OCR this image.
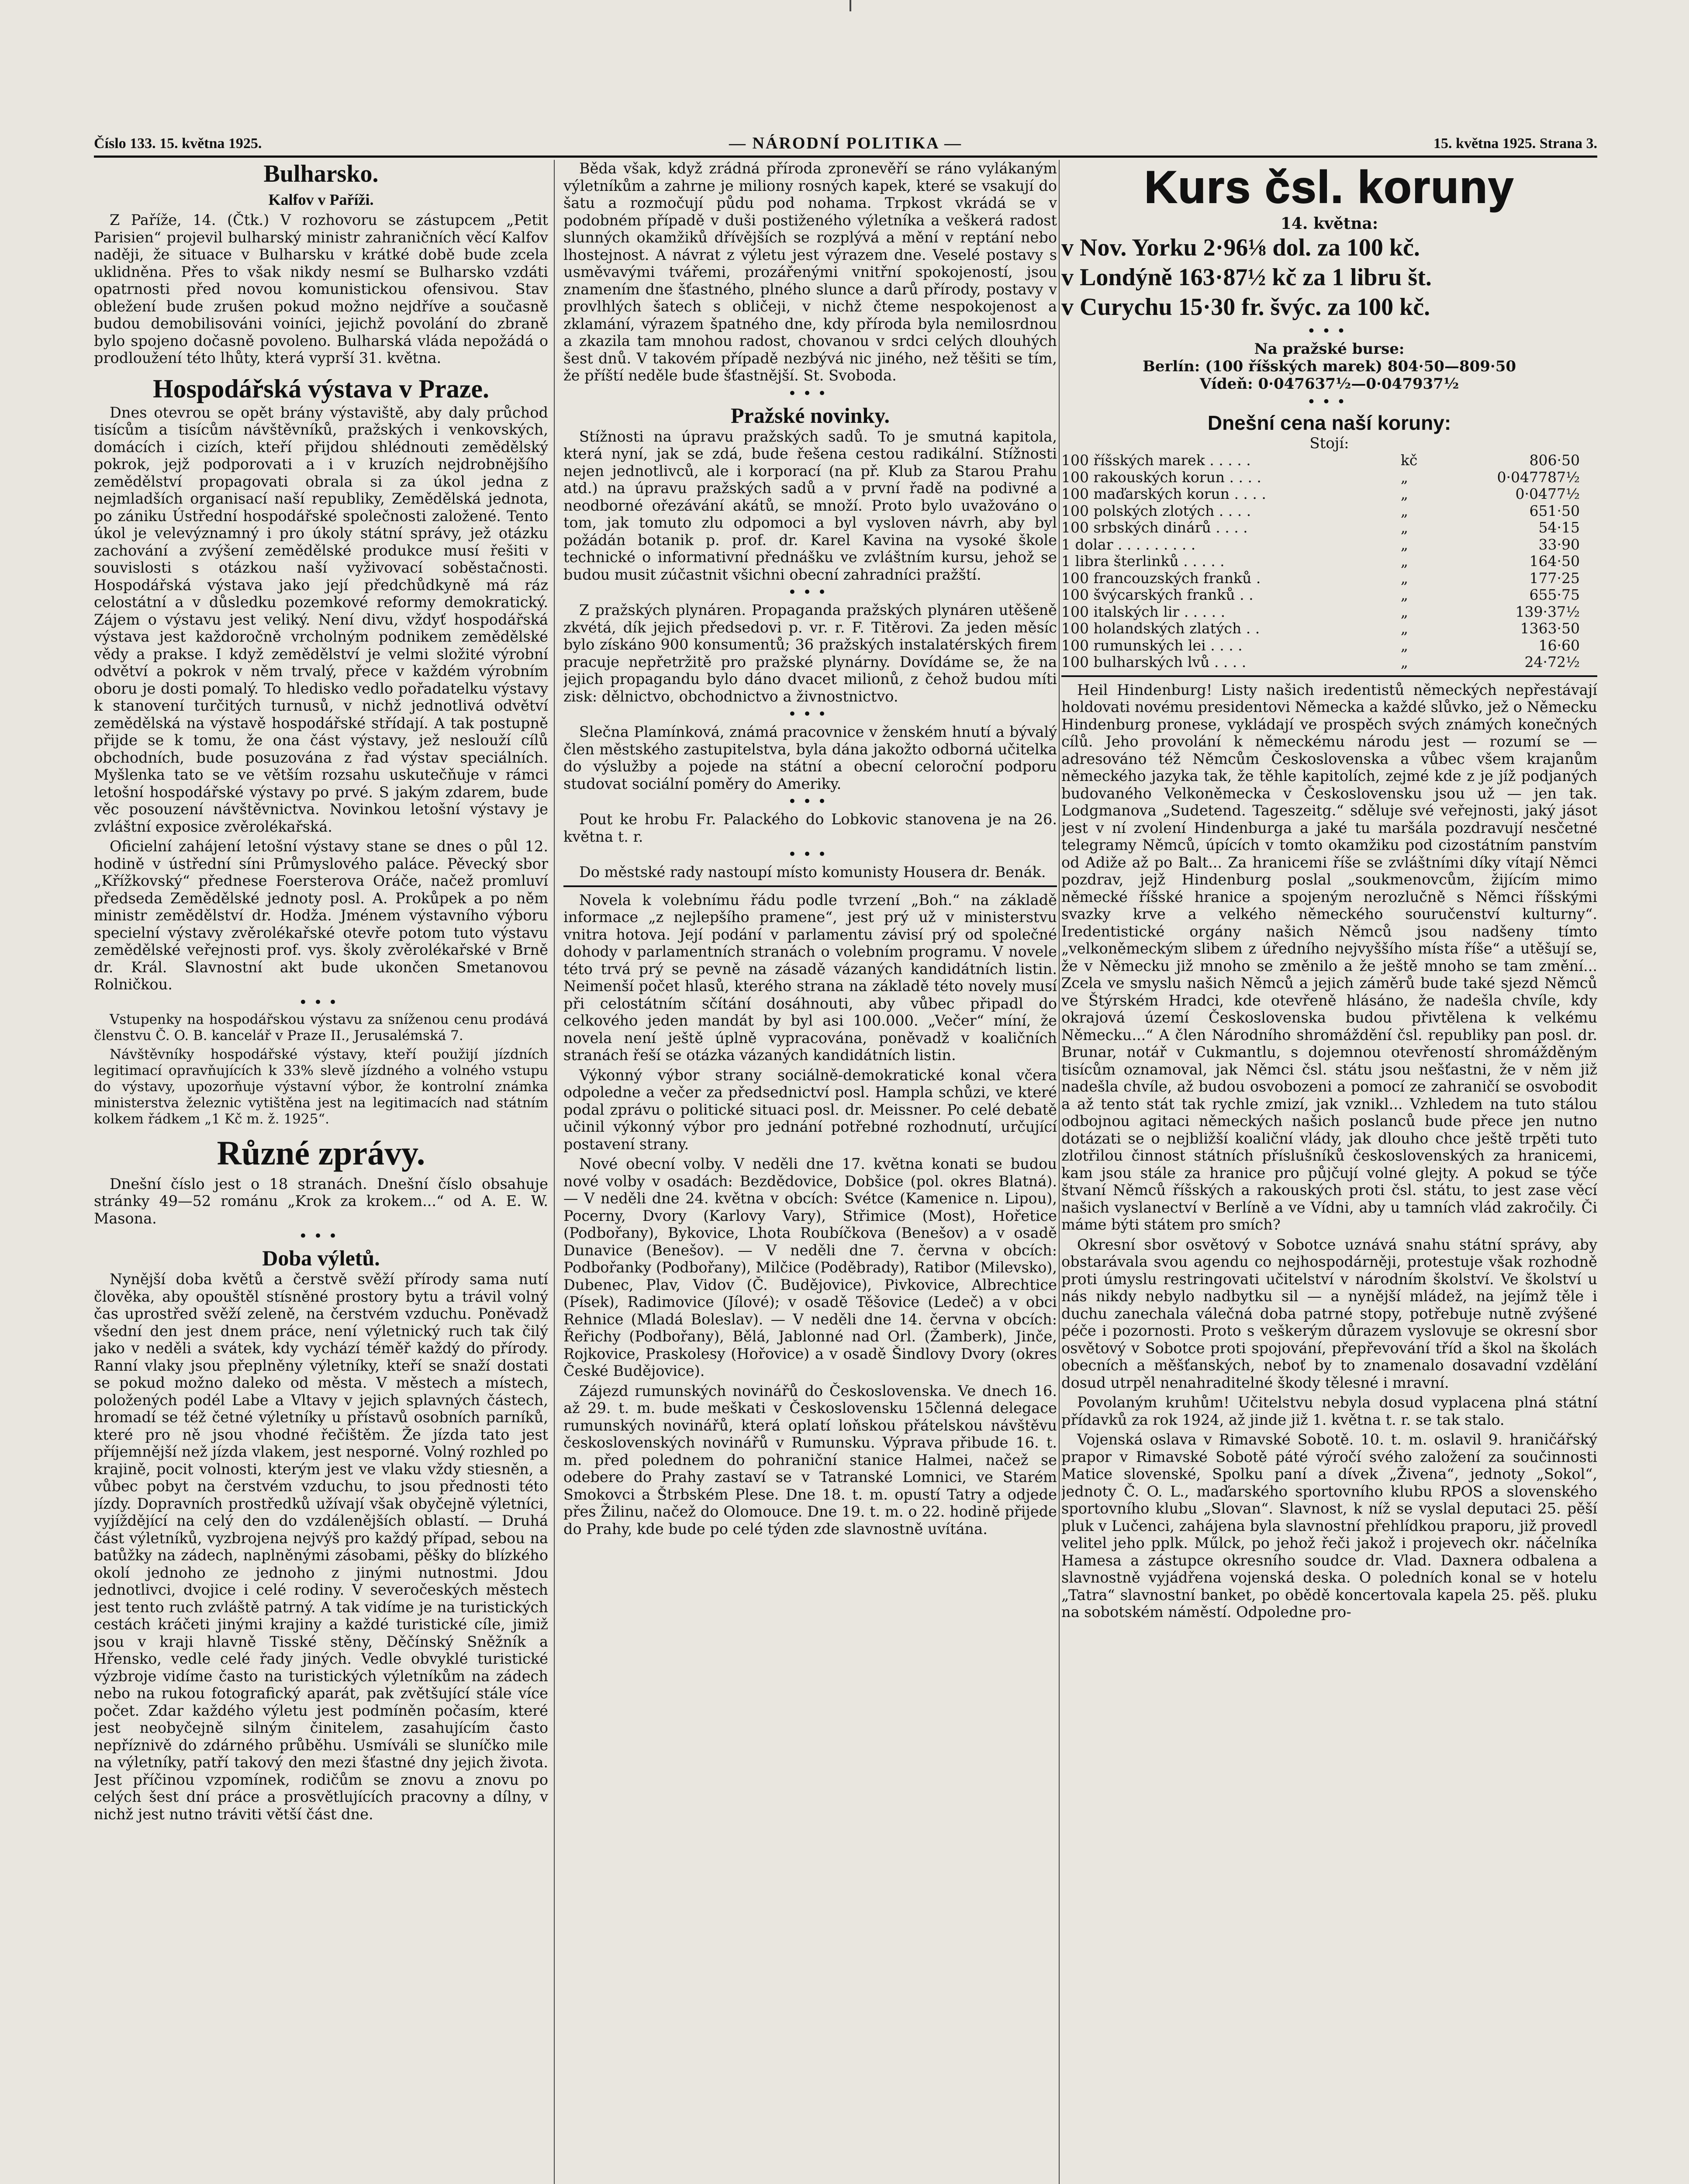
Číslo 133. 15. května 1925.	— NÁRODNÍ POLITIKA —	15. května 1925. Strana 3.
Bulharsko.
Kalfov v Paříži.

Z Paříže, 14. (Čtk.) V rozhovoru se zástupcem „Petit Parisien“ projevil bulharský ministr zahraničních věcí Kalfov naději, že situace v Bulharsku v krátké době bude zcela uklidněna. Přes to však nikdy nesmí se Bulharsko vzdáti opatrnosti před novou komunistickou ofensivou. Stav obležení bude zrušen pokud možno nejdříve a současně budou demobilisováni voiníci, jejichž povolání do zbraně bylo spojeno dočasně povoleno. Bulharská vláda nepožádá o prodloužení této lhůty, která vyprší 31. května.

Hospodářská výstava v Praze.

Dnes otevrou se opět brány výstaviště, aby daly průchod tisícům a tisícům návštěvníků, pražských i venkovských, domácích i cizích, kteří přijdou shlédnouti zemědělský pokrok, jejž podporovati a i v kruzích nejdrobnějšího zemědělství propagovati obrala si za úkol jedna z nejmladších organisací naší republiky, Zemědělská jednota, po zániku Ústřední hospodářské společnosti založené. Tento úkol je velevýznamný i pro úkoly státní správy, jež otázku zachování a zvýšení zemědělské produkce musí řešiti v souvislosti s otázkou naší vyživovací soběstačnosti. Hospodářská výstava jako její předchůdkyně má ráz celostátní a v důsledku pozemkové reformy demokratický. Zájem o výstavu jest veliký. Není divu, vždyť hospodářská výstava jest každoročně vrcholným podnikem zemědělské vědy a prakse. I když zemědělství je velmi složité výrobní odvětví a pokrok v něm trvalý, přece v každém výrobním oboru je dosti pomalý. To hledisko vedlo pořadatelku výstavy k stanovení turčitých turnusů, v nichž jednotlivá odvětví zemědělská na výstavě hospodářské střídají. A tak postupně přijde se k tomu, že ona část výstavy, jež neslouží cílů obchodních, bude posuzována z řad výstav speciálních. Myšlenka tato se ve větším rozsahu uskutečňuje v rámci letošní hospodářské výstavy po prvé. S jakým zdarem, bude věc posouzení návštěvnictva. Novinkou letošní výstavy je zvláštní exposice zvěrolékařská.

Oficielní zahájení letošní výstavy stane se dnes o půl 12. hodině v ústřední síni Průmyslového paláce. Pěvecký sbor „Křížkovský“ přednese Foersterova Oráče, načež promluví předseda Zemědělské jednoty posl. A. Prokůpek a po něm ministr zemědělství dr. Hodža. Jménem výstavního výboru specielní výstavy zvěrolékařské otevře potom tuto výstavu zemědělské veřejnosti prof. vys. školy zvěrolékařské v Brně dr. Král. Slavnostní akt bude ukončen Smetanovou Rolničkou.

•••

Vstupenky na hospodářskou výstavu za sníženou cenu prodává členstvu Č. O. B. kancelář v Praze II., Jerusalémská 7.

Návštěvníky hospodářské výstavy, kteří použijí jízdních legitimací opravňujících k 33% slevě jízdného a volného vstupu do výstavy, upozorňuje výstavní výbor, že kontrolní známka ministerstva železnic vytištěna jest na legitimacích nad státním kolkem řádkem „1 Kč m. ž. 1925“.

Různé zprávy.

Dnešní číslo jest o 18 stranách. Dnešní číslo obsahuje stránky 49—52 románu „Krok za krokem...“ od A. E. W. Masona.

•••
Doba výletů.

Nynější doba květů a čerstvě svěží přírody sama nutí člověka, aby opouštěl stísněné prostory bytu a trávil volný čas uprostřed svěží zeleně, na čerstvém vzduchu. Poněvadž všední den jest dnem práce, není výletnický ruch tak čilý jako v neděli a svátek, kdy vychází téměř každý do přírody. Ranní vlaky jsou přeplněny výletníky, kteří se snaží dostati se pokud možno daleko od města. V městech a místech, položených podél Labe a Vltavy v jejich splavných částech, hromadí se též četné výletníky u přístavů osobních parníků, které pro ně jsou vhodné řečištěm. Že jízda tato jest příjemnější než jízda vlakem, jest nesporné. Volný rozhled po krajině, pocit volnosti, kterým jest ve vlaku vždy stiesněn, a vůbec pobyt na čerstvém vzduchu, to jsou přednosti této jízdy. Dopravních prostředků užívají však obyčejně výletníci, vyjíždějící na celý den do vzdálenějších oblastí. — Druhá část výletníků, vyzbrojena nejvýš pro každý případ, sebou na batůžky na zádech, naplněnými zásobami, pěšky do blízkého okolí jednoho ze jednoho z jinými nutnostmi. Jdou jednotlivci, dvojice i celé rodiny. V severočeských městech jest tento ruch zvláště patrný. A tak vidíme je na turistických cestách kráčeti jinými krajiny a každé turistické cíle, jimiž jsou v kraji hlavně Tisské stěny, Děčínský Sněžník a Hřensko, vedle celé řady jiných. Vedle obvyklé turistické výzbroje vidíme často na turistických výletníkům na zádech nebo na rukou fotografický aparát, pak zvětšující stále více počet. Zdar každého výletu jest podmíněn počasím, které jest neobyčejně silným činitelem, zasahujícím často nepříznivě do zdárného průběhu. Usmíváli se sluníčko mile na výletníky, patří takový den mezi šťastné dny jejich života. Jest příčinou vzpomínek, rodičům se znovu a znovu po celých šest dní práce a prosvětlujících pracovny a dílny, v nichž jest nutno tráviti větší část dne.

Běda však, když zrádná příroda zpronevěří se ráno vylákaným výletníkům a zahrne je miliony rosných kapek, které se vsakují do šatu a rozmočují půdu pod nohama. Trpkost vkrádá se v podobném případě v duši postiženého výletníka a veškerá radost slunných okamžiků dřívějších se rozplývá a mění v reptání nebo lhostejnost. A návrat z výletu jest výrazem dne. Veselé postavy s usměvavými tvářemi, prozářenými vnitřní spokojeností, jsou znamením dne šťastného, plného slunce a darů přírody, postavy v provlhlých šatech s obličeji, v nichž čteme nespokojenost a zklamání, výrazem špatného dne, kdy příroda byla nemilosrdnou a zkazila tam mnohou radost, chovanou v srdci celých dlouhých šest dnů. V takovém případě nezbývá nic jiného, než těšiti se tím, že příští neděle bude šťastnější. St. Svoboda.

•••
Pražské novinky.

Stížnosti na úpravu pražských sadů. To je smutná kapitola, která nyní, jak se zdá, bude řešena cestou radikální. Stížnosti nejen jednotlivců, ale i korporací (na př. Klub za Starou Prahu atd.) na úpravu pražských sadů a v první řadě na podivné a neodborné ořezávání akátů, se množí. Proto bylo uvažováno o tom, jak tomuto zlu odpomoci a byl vysloven návrh, aby byl požádán botanik p. prof. dr. Karel Kavina na vysoké škole technické o informativní přednášku ve zvláštním kursu, jehož se budou musit zúčastnit všichni obecní zahradníci pražští.

•••

Z pražských plynáren. Propaganda pražských plynáren utěšeně zkvétá, dík jejich předsedovi p. vr. r. F. Titěrovi. Za jeden měsíc bylo získáno 900 konsumentů; 36 pražských instalatérských firem pracuje nepřetržitě pro pražské plynárny. Dovídáme se, že na jejich propagandu bylo dáno dvacet milionů, z čehož budou míti zisk: dělnictvo, obchodnictvo a živnostnictvo.

•••

Slečna Plamínková, známá pracovnice v ženském hnutí a bývalý člen městského zastupitelstva, byla dána jakožto odborná učitelka do výslužby a pojede na státní a obecní celoroční podporu studovat sociální poměry do Ameriky.

•••

Pout ke hrobu Fr. Palackého do Lobkovic stanovena je na 26. května t. r.

•••

Do městské rady nastoupí místo komunisty Housera dr. Benák.

Novela k volebnímu řádu podle tvrzení „Boh.“ na základě informace „z nejlepšího pramene“, jest prý už v ministerstvu vnitra hotova. Její podání v parlamentu závisí prý od společné dohody v parlamentních stranách o volebním programu. V novele této trvá prý se pevně na zásadě vázaných kandidátních listin. Neimenší počet hlasů, kterého strana na základě této novely musí při celostátním sčítání dosáhnouti, aby vůbec připadl do celkového jeden mandát by byl asi 100.000. „Večer“ míní, že novela není ještě úplně vypracována, poněvadž v koaličních stranách řeší se otázka vázaných kandidátních listin.

Výkonný výbor strany sociálně-demokratické konal včera odpoledne a večer za předsednictví posl. Hampla schůzi, ve které podal zprávu o politické situaci posl. dr. Meissner. Po celé debatě učinil výkonný výbor pro jednání potřebné rozhodnutí, určující postavení strany.

Nové obecní volby. V neděli dne 17. května konati se budou nové volby v osadách: Bezdědovice, Dobšice (pol. okres Blatná). — V neděli dne 24. května v obcích: Svétce (Kamenice n. Lipou), Pocerny, Dvory (Karlovy Vary), Střimice (Most), Hořetice (Podbořany), Bykovice, Lhota Roubíčkova (Benešov) a v osadě Dunavice (Benešov). — V neděli dne 7. června v obcích: Podbořanky (Podbořany), Milčice (Poděbrady), Ratibor (Milevsko), Dubenec, Plav, Vidov (Č. Budějovice), Pivkovice, Albrechtice (Písek), Radimovice (Jílové); v osadě Těšovice (Ledeč) a v obci Rehnice (Mladá Boleslav). — V neděli dne 14. června v obcích: Řeřichy (Podbořany), Bělá, Jablonné nad Orl. (Žamberk), Jinče, Rojkovice, Praskolesy (Hořovice) a v osadě Šindlovy Dvory (okres České Budějovice).

Zájezd rumunských novinářů do Československa. Ve dnech 16. až 29. t. m. bude meškati v Československu 15členná delegace rumunských novinářů, která oplatí loňskou přátelskou návštěvu československých novinářů v Rumunsku. Výprava přibude 16. t. m. před polednem do pohraniční stanice Halmei, načež se odebere do Prahy zastaví se v Tatranské Lomnici, ve Starém Smokovci a Štrbském Plese. Dne 18. t. m. opustí Tatry a odjede přes Žilinu, načež do Olomouce. Dne 19. t. m. o 22. hodině přijede do Prahy, kde bude po celé týden zde slavnostně uvítána.

Kurs čsl. koruny
14. května:
v Nov. Yorku 2·96⅛ dol. za 100 kč.
v Londýně 163·87½ kč za 1 libru št.
v Curychu 15·30 fr. švýc. za 100 kč.
•••
Na pražské burse:
Berlín: (100 říšských marek) 804·50—809·50
Vídeň: 0·047637½—0·047937½
•••
Dnešní cena naší koruny:
Stojí:
100 říšských marek . . . . .	kč	806·50
100 rakouských korun . . . .	„	0·047787½
100 maďarských korun . . . .	„	0·0477½
100 polských zlotých . . . .	„	651·50
100 srbských dinárů . . . .	„	54·15
1 dolar . . . . . . . . .	„	33·90
1 libra šterlinků . . . . .	„	164·50
100 francouzských franků .	„	177·25
100 švýcarských franků . .	„	655·75
100 italských lir . . . . .	„	139·37½
100 holandských zlatých . .	„	1363·50
100 rumunských lei . . . .	„	16·60
100 bulharských lvů . . . .	„	24·72½

Heil Hindenburg! Listy našich iredentistů německých nepřestávají holdovati novému presidentovi Německa a každé slůvko, jež o Německu Hindenburg pronese, vykládají ve prospěch svých známých konečných cílů. Jeho provolání k německému národu jest — rozumí se — adresováno též Němcům Československa a vůbec všem krajanům německého jazyka tak, že těhle kapitolích, zejmé kde z je jíž podjaných budovaného Velkoněmecka v Československu jsou už — jen tak. Lodgmanova „Sudetend. Tageszeitg.“ sděluje své veřejnosti, jaký jásot jest v ní zvolení Hindenburga a jaké tu maršála pozdravují nesčetné telegramy Němců, úpících v tomto okamžiku pod cizostátním panstvím od Adiže až po Balt... Za hranicemi říše se zvláštními díky vítají Němci pozdrav, jejž Hindenburg poslal „soukmenovcům, žijícím mimo německé říšské hranice a spojeným nerozlučně s Němci říšskými svazky krve a velkého německého souručenství kulturny“. Iredentistické orgány našich Němců jsou nadšeny tímto „velkoněmeckým slibem z úředního nejvyššího místa říše“ a utěšují se, že v Německu již mnoho se změnilo a že ještě mnoho se tam změní... Zcela ve smyslu našich Němců a jejich záměrů bude také sjezd Němců ve Štýrském Hradci, kde otevřeně hlásáno, že nadešla chvíle, kdy okrajová území Československa budou přivtělena k velkému Německu...“ A člen Národního shromáždění čsl. republiky pan posl. dr. Brunar, notář v Cukmantlu, s dojemnou otevřeností shromážděným tisícům oznamoval, jak Němci čsl. státu jsou nešťastni, že v něm již nadešla chvíle, až budou osvobozeni a pomocí ze zahraničí se osvobodit a až tento stát tak rychle zmizí, jak vznikl... Vzhledem na tuto stálou odbojnou agitaci německých našich poslanců bude přece jen nutno dotázati se o nejbližší koaliční vlády, jak dlouho chce ještě trpěti tuto zlotřilou činnost státních příslušníků československých za hranicemi, kam jsou stále za hranice pro půjčují volné glejty. A pokud se týče štvaní Němců říšských a rakouských proti čsl. státu, to jest zase věcí našich vyslanectví v Berlíně a ve Vídni, aby u tamních vlád zakročily. Či máme býti státem pro smích?

Okresní sbor osvětový v Sobotce uznává snahu státní správy, aby obstarávala svou agendu co nejhospodárněji, protestuje však rozhodně proti úmyslu restringovati učitelství v národním školství. Ve školství u nás nikdy nebylo nadbytku sil — a nynější mládež, na jejímž těle i duchu zanechala válečná doba patrné stopy, potřebuje nutně zvýšené péče i pozornosti. Proto s veškerým důrazem vyslovuje se okresní sbor osvětový v Sobotce proti spojování, přepřevování tříd a škol na školách obecních a měšťanských, neboť by to znamenalo dosavadní vzdělání dosud utrpěl nenahraditelné škody tělesné i mravní.

Povolaným kruhům! Učitelstvu nebyla dosud vyplacena plná státní přídavků za rok 1924, až jinde již 1. května t. r. se tak stalo.

Vojenská oslava v Rimavské Sobotě. 10. t. m. oslavil 9. hraničářský prapor v Rimavské Sobotě páté výročí svého založení za součinnosti Matice slovenské, Spolku paní a dívek „Živena“, jednoty „Sokol“, jednoty Č. O. L., maďarského sportovního klubu RPOS a slovenského sportovního klubu „Slovan“. Slavnost, k níž se vyslal deputaci 25. pěší pluk v Lučenci, zahájena byla slavnostní přehlídkou praporu, již provedl velitel jeho pplk. Műlck, po jehož řeči jakož i projevech okr. náčelníka Hamesa a zástupce okresního soudce dr. Vlad. Daxnera odbalena a slavnostně vyjádřena vojenská deska. O poledních konal se v hotelu „Tatra“ slavnostní banket, po obědě koncertovala kapela 25. pěš. pluku na sobotském náměstí. Odpoledne pro-
